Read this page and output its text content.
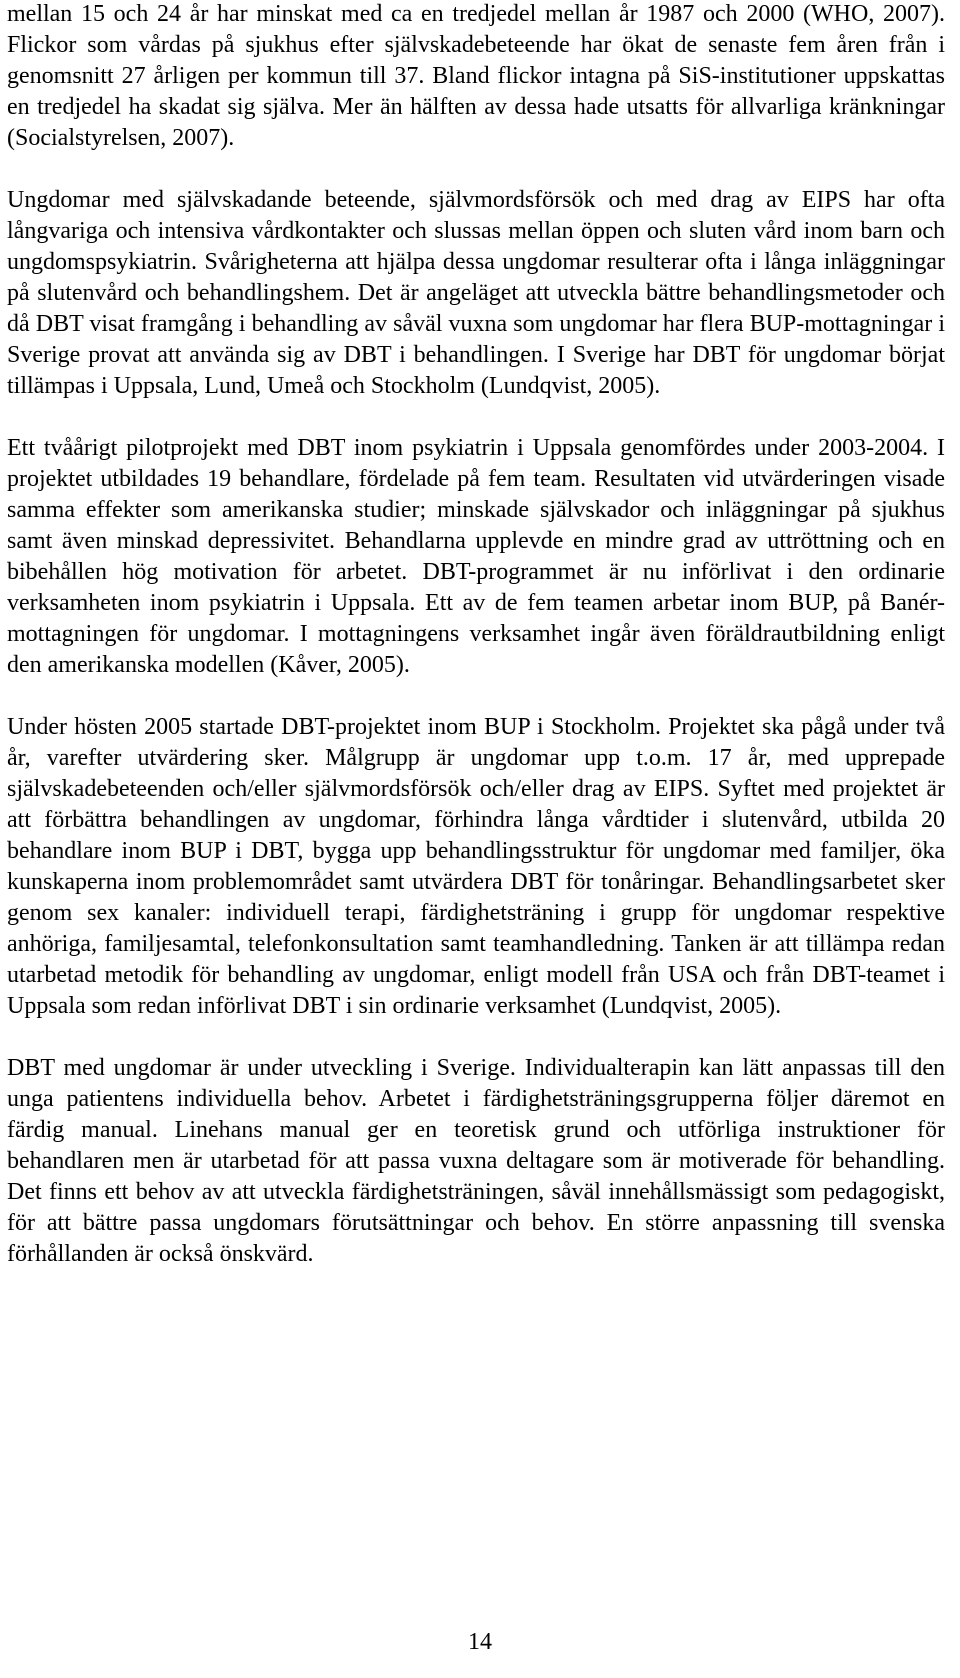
mellan 15 och 24 år har minskat med ca en tredjedel mellan år 1987 och 2000 (WHO, 2007). Flickor som vårdas på sjukhus efter självskadebeteende har ökat de senaste fem åren från i genomsnitt 27 årligen per kommun till 37. Bland flickor intagna på SiS-institutioner uppskattas en tredjedel ha skadat sig själva. Mer än hälften av dessa hade utsatts för allvarliga kränkningar (Socialstyrelsen, 2007).

Ungdomar med självskadande beteende, självmordsförsök och med drag av EIPS har ofta långvariga och intensiva vårdkontakter och slussas mellan öppen och sluten vård inom barn och ungdomspsykiatrin. Svårigheterna att hjälpa dessa ungdomar resulterar ofta i långa inläggningar på slutenvård och behandlingshem. Det är angeläget att utveckla bättre behandlingsmetoder och då DBT visat framgång i behandling av såväl vuxna som ungdomar har flera BUP-mottagningar i Sverige provat att använda sig av DBT i behandlingen. I Sverige har DBT för ungdomar börjat tillämpas i Uppsala, Lund, Umeå och Stockholm (Lundqvist, 2005).

Ett tvåårigt pilotprojekt med DBT inom psykiatrin i Uppsala genomfördes under 2003-2004. I projektet utbildades 19 behandlare, fördelade på fem team. Resultaten vid utvärderingen visade samma effekter som amerikanska studier; minskade självskador och inläggningar på sjukhus samt även minskad depressivitet. Behandlarna upplevde en mindre grad av uttröttning och en bibehållen hög motivation för arbetet. DBT-programmet är nu införlivat i den ordinarie verksamheten inom psykiatrin i Uppsala. Ett av de fem teamen arbetar inom BUP, på Banér-mottagningen för ungdomar. I mottagningens verksamhet ingår även föräldrautbildning enligt den amerikanska modellen (Kåver, 2005).

Under hösten 2005 startade DBT-projektet inom BUP i Stockholm. Projektet ska pågå under två år, varefter utvärdering sker. Målgrupp är ungdomar upp t.o.m. 17 år, med upprepade självskadebeteenden och/eller självmordsförsök och/eller drag av EIPS. Syftet med projektet är att förbättra behandlingen av ungdomar, förhindra långa vårdtider i slutenvård, utbilda 20 behandlare inom BUP i DBT, bygga upp behandlingsstruktur för ungdomar med familjer, öka kunskaperna inom problemområdet samt utvärdera DBT för tonåringar. Behandlingsarbetet sker genom sex kanaler: individuell terapi, färdighetsträning i grupp för ungdomar respektive anhöriga, familjesamtal, telefonkonsultation samt teamhandledning. Tanken är att tillämpa redan utarbetad metodik för behandling av ungdomar, enligt modell från USA och från DBT-teamet i Uppsala som redan införlivat DBT i sin ordinarie verksamhet (Lundqvist, 2005).

DBT med ungdomar är under utveckling i Sverige. Individualterapin kan lätt anpassas till den unga patientens individuella behov. Arbetet i färdighetsträningsgrupperna följer däremot en färdig manual. Linehans manual ger en teoretisk grund och utförliga instruktioner för behandlaren men är utarbetad för att passa vuxna deltagare som är motiverade för behandling. Det finns ett behov av att utveckla färdighetsträningen, såväl innehållsmässigt som pedagogiskt, för att bättre passa ungdomars förutsättningar och behov. En större anpassning till svenska förhållanden är också önskvärd.

14
